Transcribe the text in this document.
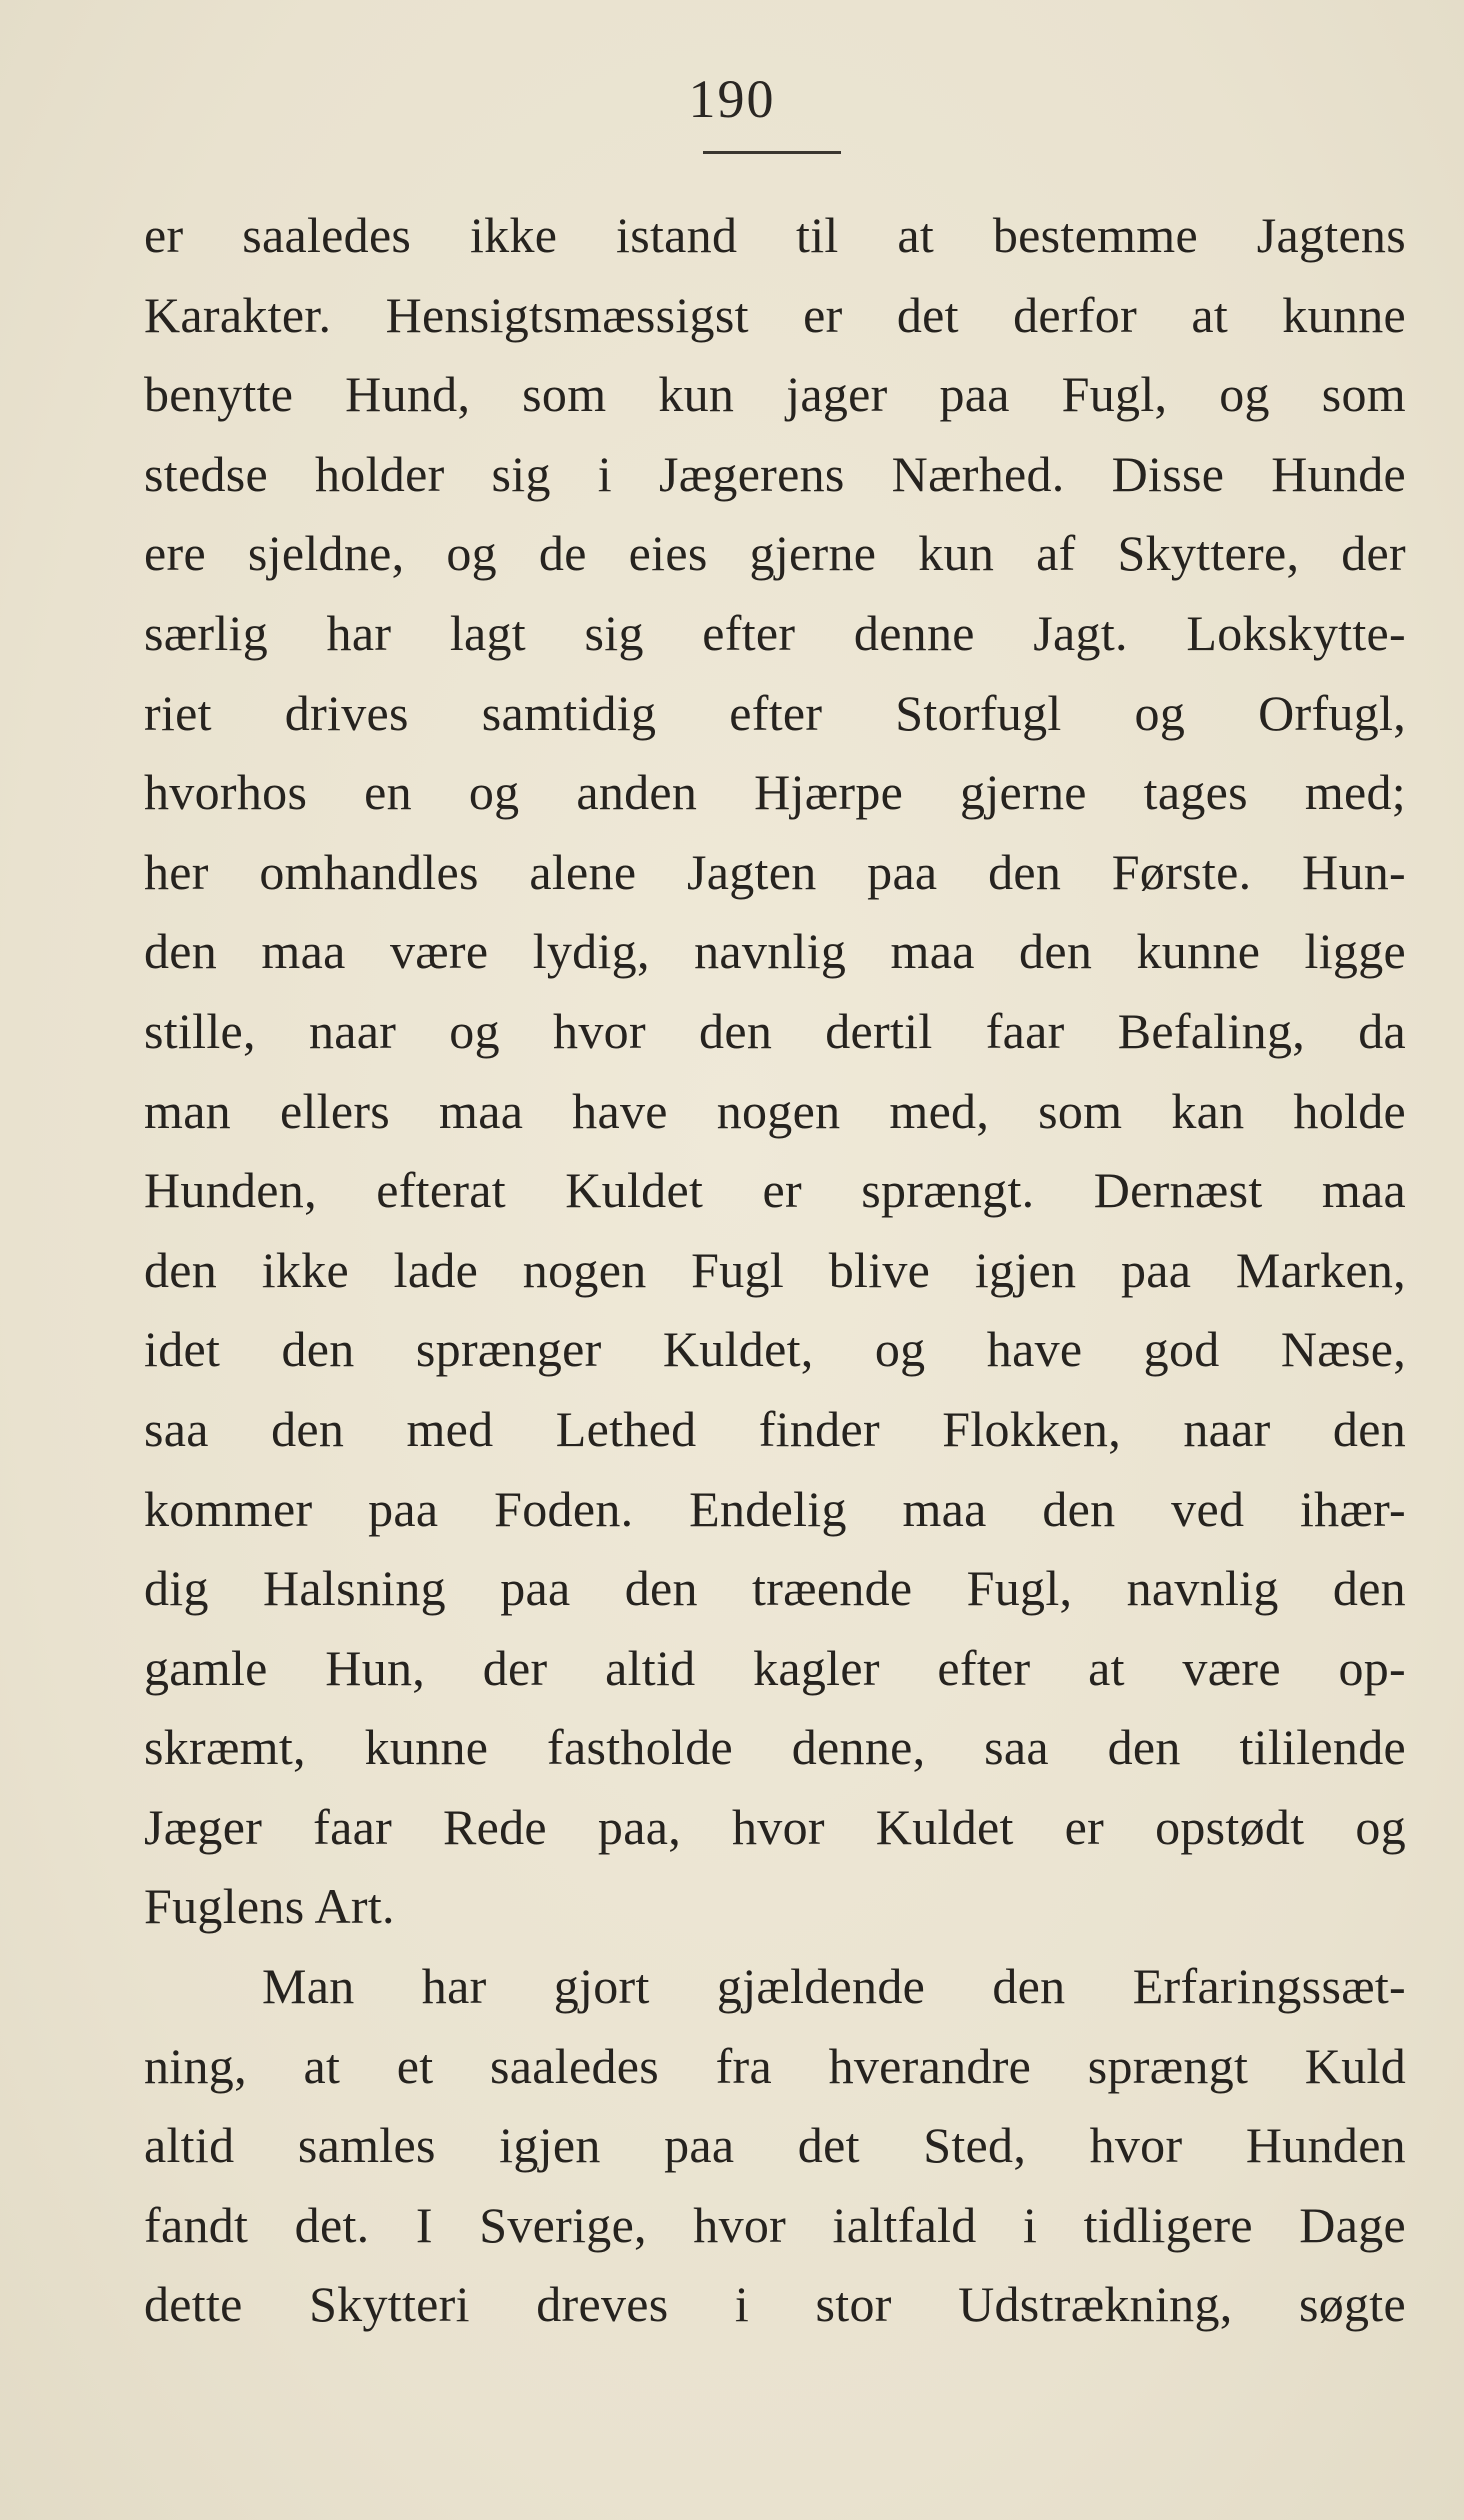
190
er saaledes ikke istand til at bestemme Jagtens
Karakter. Hensigtsmæssigst er det derfor at kunne
benytte Hund, som kun jager paa Fugl, og som
stedse holder sig i Jægerens Nærhed. Disse Hunde
ere sjeldne, og de eies gjerne kun af Skyttere, der
særlig har lagt sig efter denne Jagt. Lokskytte-
riet drives samtidig efter Storfugl og Orfugl,
hvorhos en og anden Hjærpe gjerne tages med;
her omhandles alene Jagten paa den Første. Hun-
den maa være lydig, navnlig maa den kunne ligge
stille, naar og hvor den dertil faar Befaling, da
man ellers maa have nogen med, som kan holde
Hunden, efterat Kuldet er sprængt. Dernæst maa
den ikke lade nogen Fugl blive igjen paa Marken,
idet den sprænger Kuldet, og have god Næse,
saa den med Lethed finder Flokken, naar den
kommer paa Foden. Endelig maa den ved ihær-
dig Halsning paa den træende Fugl, navnlig den
gamle Hun, der altid kagler efter at være op-
skræmt, kunne fastholde denne, saa den tililende
Jæger faar Rede paa, hvor Kuldet er opstødt og
Fuglens Art.
Man har gjort gjældende den Erfaringssæt-
ning, at et saaledes fra hverandre sprængt Kuld
altid samles igjen paa det Sted, hvor Hunden
fandt det. I Sverige, hvor ialtfald i tidligere Dage
dette Skytteri dreves i stor Udstrækning, søgte
